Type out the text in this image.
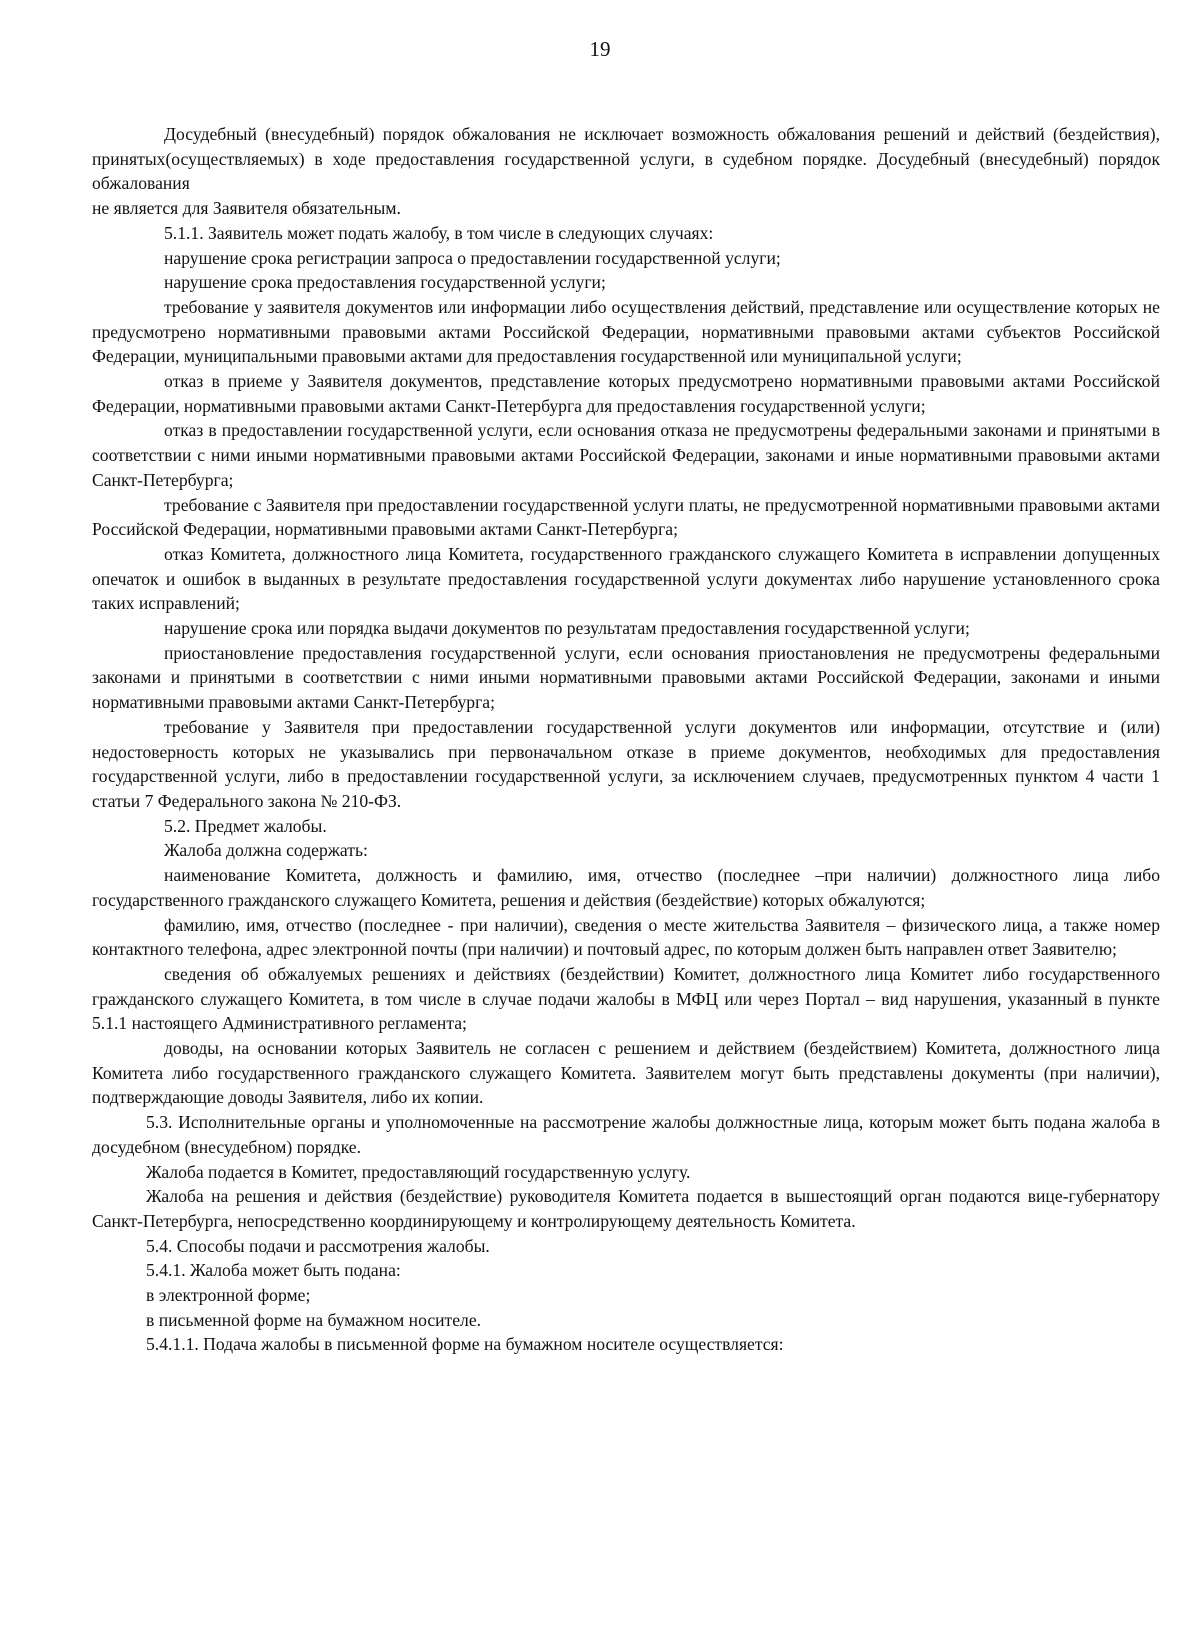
19

Досудебный (внесудебный) порядок обжалования не исключает возможность обжалования решений и действий (бездействия), принятых(осуществляемых) в ходе предоставления государственной услуги, в судебном порядке. Досудебный (внесудебный) порядок обжалования

не является для Заявителя обязательным.

5.1.1. Заявитель может подать жалобу, в том числе в следующих случаях:

нарушение срока регистрации запроса о предоставлении государственной услуги;

нарушение срока предоставления государственной услуги;

требование у заявителя документов или информации либо осуществления действий, представление или осуществление которых не предусмотрено нормативными правовыми актами Российской Федерации, нормативными правовыми актами субъектов Российской Федерации, муниципальными правовыми актами для предоставления государственной или муниципальной услуги;

отказ в приеме у Заявителя документов, представление которых предусмотрено нормативными правовыми актами Российской Федерации, нормативными правовыми актами Санкт-Петербурга для предоставления государственной услуги;

отказ в предоставлении государственной услуги, если основания отказа не предусмотрены федеральными законами и принятыми в соответствии с ними иными нормативными правовыми актами Российской Федерации, законами и иные нормативными правовыми актами Санкт-Петербурга;

требование с Заявителя при предоставлении государственной услуги платы, не предусмотренной нормативными правовыми актами Российской Федерации, нормативными правовыми актами Санкт-Петербурга;

отказ Комитета, должностного лица Комитета, государственного гражданского служащего Комитета в исправлении допущенных опечаток и ошибок в выданных в результате предоставления государственной услуги документах либо нарушение установленного срока таких исправлений;

нарушение срока или порядка выдачи документов по результатам предоставления государственной услуги;

приостановление предоставления государственной услуги, если основания приостановления не предусмотрены федеральными законами и принятыми в соответствии с ними иными нормативными правовыми актами Российской Федерации, законами и иными нормативными правовыми актами Санкт-Петербурга;

требование у Заявителя при предоставлении государственной услуги документов или информации, отсутствие и (или) недостоверность которых не указывались при первоначальном отказе в приеме документов, необходимых для предоставления государственной услуги, либо в предоставлении государственной услуги, за исключением случаев, предусмотренных пунктом 4 части 1 статьи 7 Федерального закона № 210-ФЗ.

5.2. Предмет жалобы.

Жалоба должна содержать:

наименование Комитета, должность и фамилию, имя, отчество (последнее –при наличии) должностного лица либо государственного гражданского служащего Комитета, решения и действия (бездействие) которых обжалуются;

фамилию, имя, отчество (последнее - при наличии), сведения о месте жительства Заявителя – физического лица, а также номер контактного телефона, адрес электронной почты (при наличии) и почтовый адрес, по которым должен быть направлен ответ Заявителю;

сведения об обжалуемых решениях и действиях (бездействии) Комитет, должностного лица Комитет либо государственного гражданского служащего Комитета, в том числе в случае подачи жалобы в МФЦ или через Портал – вид нарушения, указанный в пункте 5.1.1 настоящего Административного регламента;

доводы, на основании которых Заявитель не согласен с решением и действием (бездействием) Комитета, должностного лица Комитета либо государственного гражданского служащего Комитета. Заявителем могут быть представлены документы (при наличии), подтверждающие доводы Заявителя, либо их копии.

5.3. Исполнительные органы и уполномоченные на рассмотрение жалобы должностные лица, которым может быть подана жалоба в досудебном (внесудебном) порядке.

Жалоба подается в Комитет, предоставляющий государственную услугу.

Жалоба на решения и действия (бездействие) руководителя Комитета подается в вышестоящий орган подаются вице-губернатору Санкт-Петербурга, непосредственно координирующему и контролирующему деятельность Комитета.

5.4. Способы подачи и рассмотрения жалобы.

5.4.1. Жалоба может быть подана:

в электронной форме;

в письменной форме на бумажном носителе.

5.4.1.1. Подача жалобы в письменной форме на бумажном носителе осуществляется:
